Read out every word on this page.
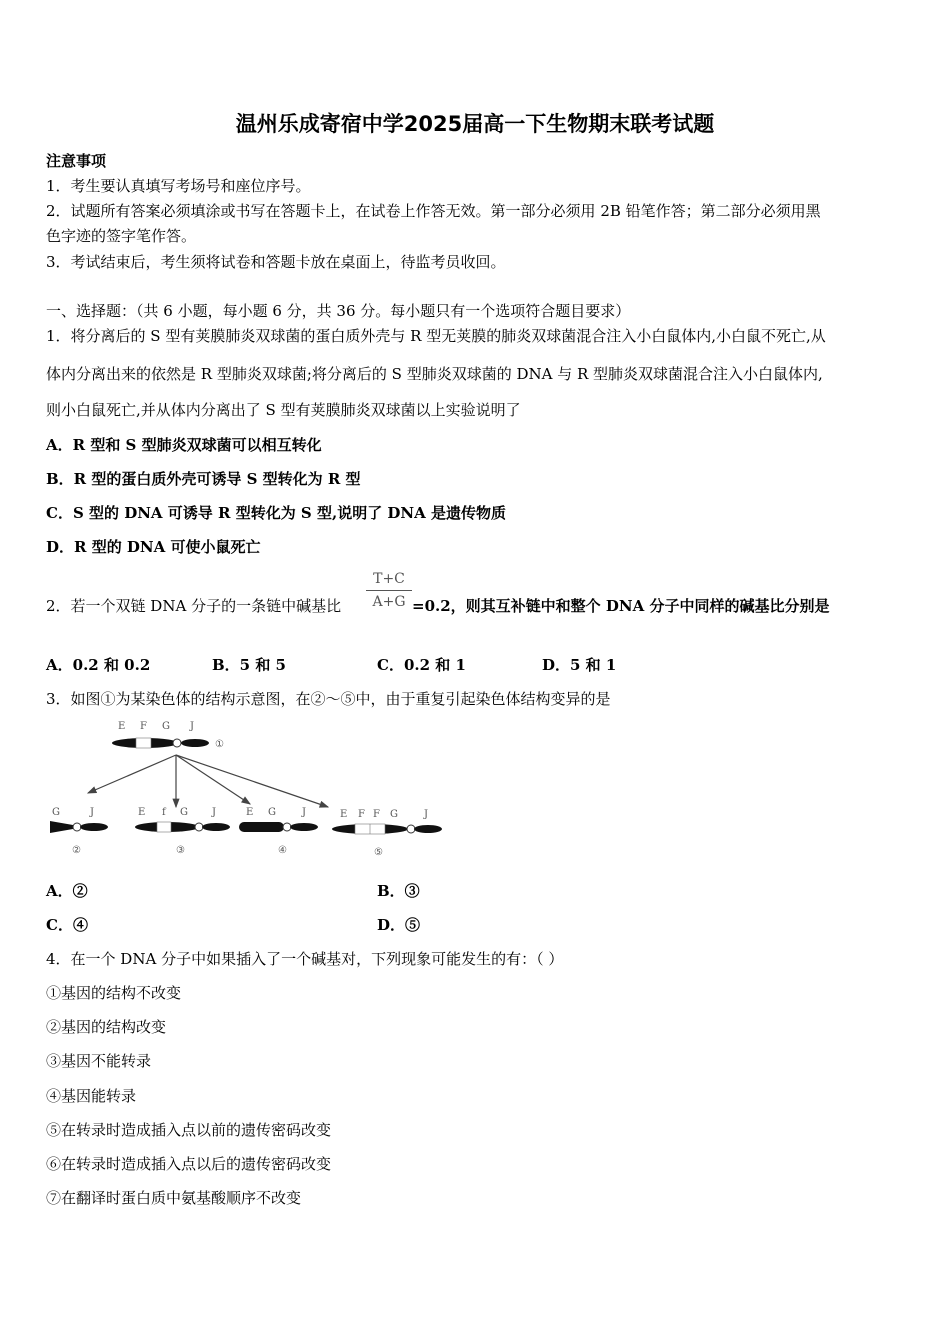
温州乐成寄宿中学2025届高一下生物期末联考试题
注意事项
1．考生要认真填写考场号和座位序号。
2．试题所有答案必须填涂或书写在答题卡上，在试卷上作答无效。第一部分必须用 2B 铅笔作答；第二部分必须用黑
色字迹的签字笔作答。
3．考试结束后，考生须将试卷和答题卡放在桌面上，待监考员收回。
一、选择题：（共 6 小题，每小题 6 分，共 36 分。每小题只有一个选项符合题目要求）
1．将分离后的 S 型有荚膜肺炎双球菌的蛋白质外壳与 R 型无荚膜的肺炎双球菌混合注入小白鼠体内,小白鼠不死亡,从
体内分离出来的依然是 R 型肺炎双球菌;将分离后的 S 型肺炎双球菌的 DNA 与 R 型肺炎双球菌混合注入小白鼠体内,
则小白鼠死亡,并从体内分离出了 S 型有荚膜肺炎双球菌以上实验说明了
A．R 型和 S 型肺炎双球菌可以相互转化
B．R 型的蛋白质外壳可诱导 S 型转化为 R 型
C．S 型的 DNA 可诱导 R 型转化为 S 型,说明了 DNA 是遗传物质
D．R 型的 DNA 可使小鼠死亡
2．若一个双链 DNA 分子的一条链中碱基比
T+C
A+G =0.2，则其互补链中和整个 DNA 分子中同样的碱基比分别是
A．0.2 和 0.2	B．5 和 5	C．0.2 和 1	D．5 和 1
3．如图①为某染色体的结构示意图，在②～⑤中，由于重复引起染色体结构变异的是
E F G J
①
G	J
②
E f G J
③
E G	J
④
E F F G	J
⑤
A．②	B．③
C．④	D．⑤
4．在一个 DNA 分子中如果插入了一个碱基对，下列现象可能发生的有：（ ）
①基因的结构不改变
②基因的结构改变
③基因不能转录
④基因能转录
⑤在转录时造成插入点以前的遗传密码改变
⑥在转录时造成插入点以后的遗传密码改变
⑦在翻译时蛋白质中氨基酸顺序不改变
